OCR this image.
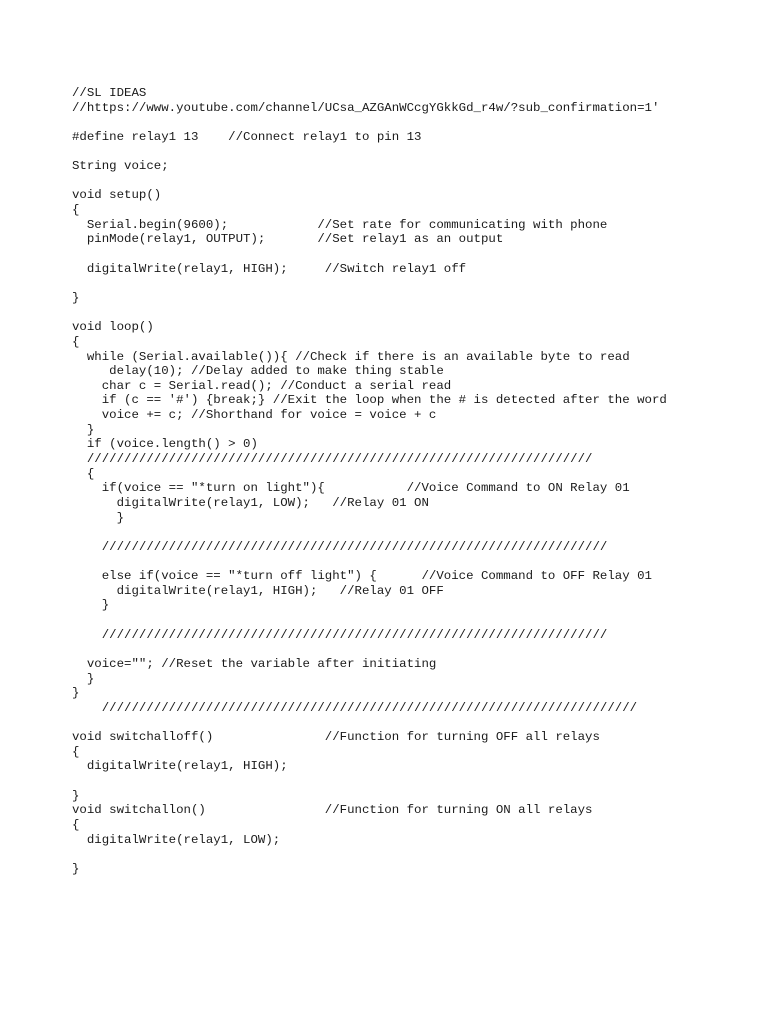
//SL IDEAS
//https://www.youtube.com/channel/UCsa_AZGAnWCcgYGkkGd_r4w/?sub_confirmation=1'
#define relay1 13    //Connect relay1 to pin 13
String voice;
void setup()
{
Serial.begin(9600);            //Set rate for communicating with phone
pinMode(relay1, OUTPUT);       //Set relay1 as an output
digitalWrite(relay1, HIGH);     //Switch relay1 off
}
void loop()
{
while (Serial.available()){ //Check if there is an available byte to read
delay(10); //Delay added to make thing stable
char c = Serial.read(); //Conduct a serial read
if (c == '#') {break;} //Exit the loop when the # is detected after the word
voice += c; //Shorthand for voice = voice + c
}
if (voice.length() > 0)
////////////////////////////////////////////////////////////////////
{
if(voice == "*turn on light"){           //Voice Command to ON Relay 01
digitalWrite(relay1, LOW);   //Relay 01 ON
}
////////////////////////////////////////////////////////////////////
else if(voice == "*turn off light") {      //Voice Command to OFF Relay 01
digitalWrite(relay1, HIGH);   //Relay 01 OFF
}
////////////////////////////////////////////////////////////////////
voice=""; //Reset the variable after initiating
}
}
////////////////////////////////////////////////////////////////////////
void switchalloff()               //Function for turning OFF all relays
{
digitalWrite(relay1, HIGH);
}
void switchallon()                //Function for turning ON all relays
{
digitalWrite(relay1, LOW);
}
